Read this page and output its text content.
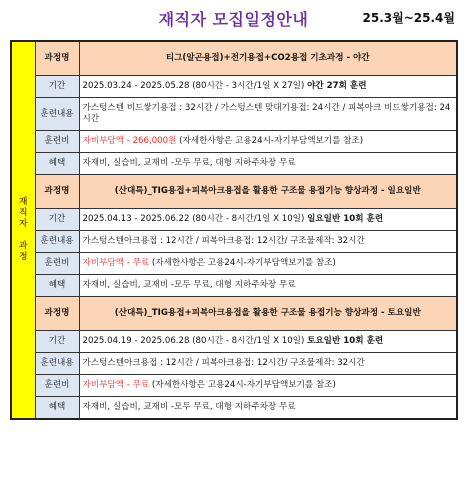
재직자 모집일정안내	25.3월~25.4월
재
직
자

과
정	과정명	티그(알곤용접)+전기용접+CO2용접 기초과정 - 야간
	기간	2025.03.24 - 2025.05.28 (80시간 - 3시간/1일 X 27일) 야간 27회 훈련
	훈련내용	가스텅스텐 비드쌓기용접 : 32시간 / 가스텅스텐 맞대기용접: 24시간 / 피복아크 비드쌓기용접: 24시간
	훈련비	자비부담액 - 266,000원 (자세한사항은 고용24시-자기부담액보기를 참조)
	혜택	자재비, 실습비, 교재비 -모두 무료, 대형 지하주차장 무료
	과정명	(산대특)_TIG용접+피복아크용접을 활용한 구조물 용접기능 향상과정 - 일요일반
	기간	2025.04.13 - 2025.06.22 (80시간 - 8시간/1일 X 10일) 일요일반 10회 훈련
	훈련내용	가스텅스텐아크용접 : 12시간 / 피복아크용접: 12시간/ 구조물제작: 32시간
	훈련비	자비부담액 - 무료 (자세한사항은 고용24시-자기부담액보기를 참조)
	혜택	자재비, 실습비, 교재비 -모두 무료, 대형 지하주차장 무료
	과정명	(산대특)_TIG용접+피복아크용접을 활용한 구조물 용접기능 향상과정 - 토요일반
	기간	2025.04.19 - 2025.06.28 (80시간 - 8시간/1일 X 10일) 토요일반 10회 훈련
	훈련내용	가스텅스텐아크용접 : 12시간 / 피복아크용접: 12시간/ 구조물제작: 32시간
	훈련비	자비부담액 - 무료 (자세한사항은 고용24시-자기부담액보기를 참조)
	혜택	자재비, 실습비, 교재비 -모두 무료, 대형 지하주차장 무료
